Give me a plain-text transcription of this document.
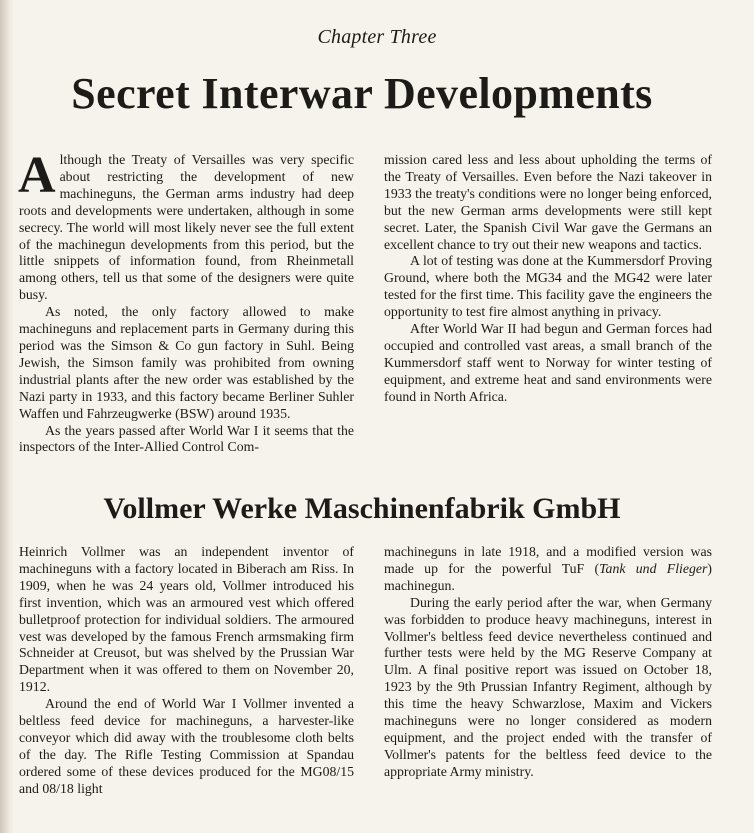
Chapter Three
Secret Interwar Developments

Although the Treaty of Versailles was very specific about restricting the development of new machineguns, the German arms industry had deep roots and developments were undertaken, although in some secrecy. The world will most likely never see the full extent of the machinegun developments from this period, but the little snippets of information found, from Rheinmetall among others, tell us that some of the designers were quite busy.

As noted, the only factory allowed to make machineguns and replacement parts in Germany during this period was the Simson & Co gun factory in Suhl. Being Jewish, the Simson family was prohibited from owning industrial plants after the new order was established by the Nazi party in 1933, and this factory became Berliner Suhler Waffen und Fahrzeugwerke (BSW) around 1935.

As the years passed after World War I it seems that the inspectors of the Inter-Allied Control Com-

mission cared less and less about upholding the terms of the Treaty of Versailles. Even before the Nazi takeover in 1933 the treaty's conditions were no longer being enforced, but the new German arms developments were still kept secret. Later, the Spanish Civil War gave the Germans an excellent chance to try out their new weapons and tactics.

A lot of testing was done at the Kummersdorf Proving Ground, where both the MG34 and the MG42 were later tested for the first time. This facility gave the engineers the opportunity to test fire almost anything in privacy.

After World War II had begun and German forces had occupied and controlled vast areas, a small branch of the Kummersdorf staff went to Norway for winter testing of equipment, and extreme heat and sand environments were found in North Africa.

Vollmer Werke Maschinenfabrik GmbH

Heinrich Vollmer was an independent inventor of machineguns with a factory located in Biberach am Riss. In 1909, when he was 24 years old, Vollmer introduced his first invention, which was an armoured vest which offered bulletproof protection for individual soldiers. The armoured vest was developed by the famous French armsmaking firm Schneider at Creusot, but was shelved by the Prussian War Department when it was offered to them on November 20, 1912.

Around the end of World War I Vollmer invented a beltless feed device for machineguns, a harvester-like conveyor which did away with the troublesome cloth belts of the day. The Rifle Testing Commission at Spandau ordered some of these devices produced for the MG08/15 and 08/18 light

machineguns in late 1918, and a modified version was made up for the powerful TuF (Tank und Flieger) machinegun.

During the early period after the war, when Germany was forbidden to produce heavy machineguns, interest in Vollmer's beltless feed device nevertheless continued and further tests were held by the MG Reserve Company at Ulm. A final positive report was issued on October 18, 1923 by the 9th Prussian Infantry Regiment, although by this time the heavy Schwarzlose, Maxim and Vickers machineguns were no longer considered as modern equipment, and the project ended with the transfer of Vollmer's patents for the beltless feed device to the appropriate Army ministry.
